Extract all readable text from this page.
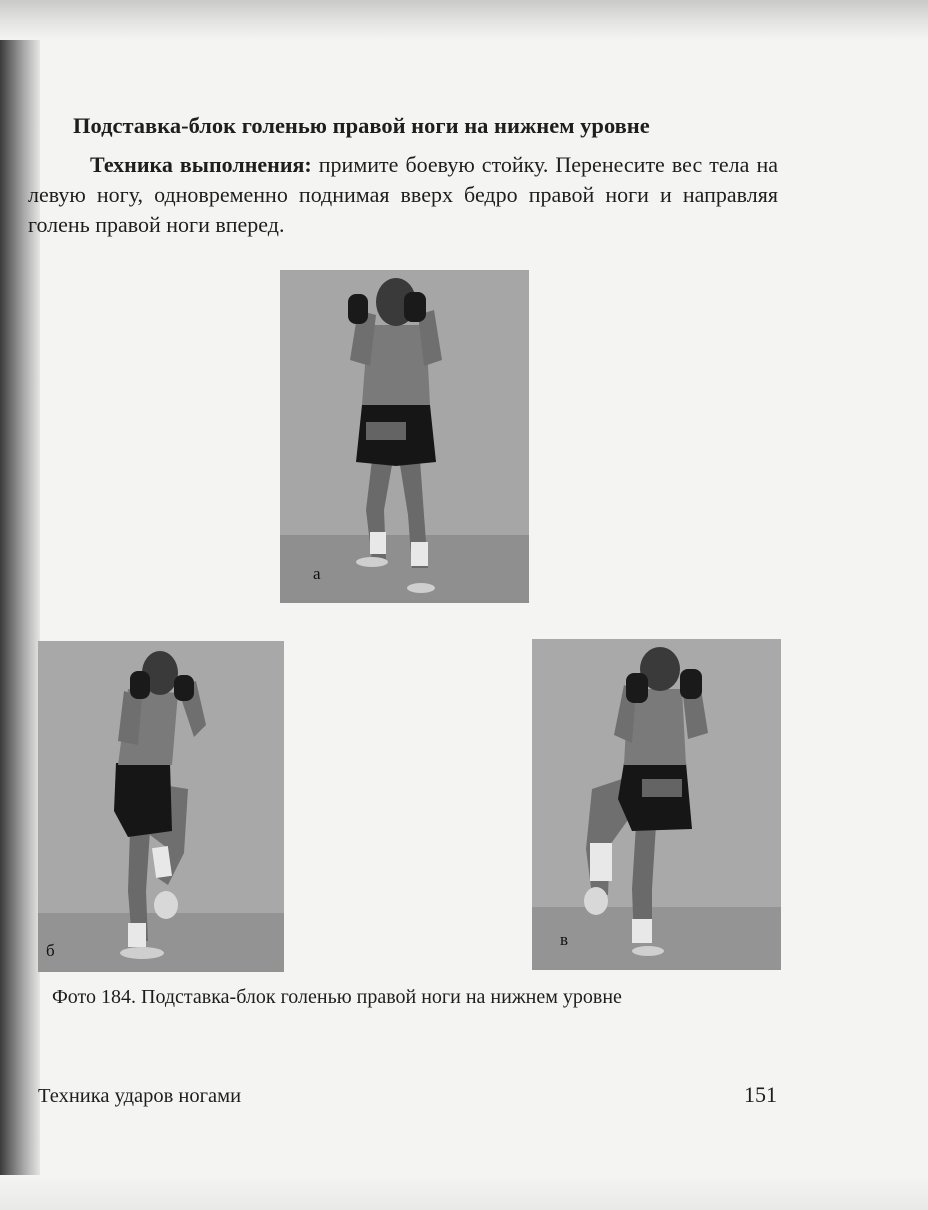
Подставка-блок голенью правой ноги на нижнем уровне
Техника выполнения: примите боевую стойку. Перенесите вес тела на левую ногу, одновременно поднимая вверх бедро правой ноги и направляя голень правой ноги вперед.
а
б
в
Фото 184. Подставка-блок голенью правой ноги на нижнем уровне
Техника ударов ногами	151
